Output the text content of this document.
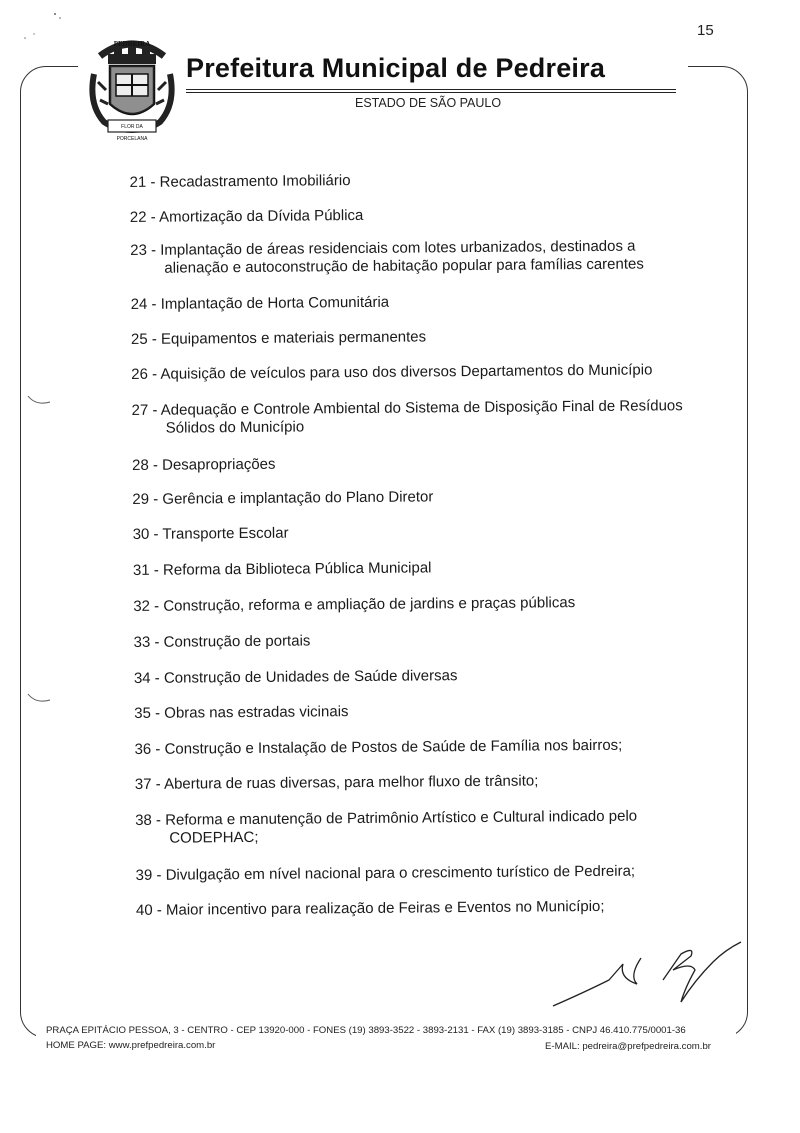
15
FLOR DA
PORCELANA
PEDREIRA
Prefeitura Municipal de Pedreira
ESTADO DE SÃO PAULO
21 - Recadastramento Imobiliário
22 - Amortização da Dívida Pública
23 - Implantação de áreas residenciais com lotes urbanizados, destinados a
alienação e autoconstrução de habitação popular para famílias carentes
24 - Implantação de Horta Comunitária
25 - Equipamentos e materiais permanentes
26 - Aquisição de veículos para uso dos diversos Departamentos do Município
27 - Adequação e Controle Ambiental do Sistema de Disposição Final de Resíduos
Sólidos do Município
28 - Desapropriações
29 - Gerência e implantação do Plano Diretor
30 - Transporte Escolar
31 - Reforma da Biblioteca Pública Municipal
32 - Construção, reforma e ampliação de jardins e praças públicas
33 - Construção de portais
34 - Construção de Unidades de Saúde diversas
35 - Obras nas estradas vicinais
36 - Construção e Instalação de Postos de Saúde de Família nos bairros;
37 - Abertura de ruas diversas, para melhor fluxo de trânsito;
38 - Reforma e manutenção de Patrimônio Artístico e Cultural indicado pelo
CODEPHAC;
39 - Divulgação em nível nacional para o crescimento turístico de Pedreira;
40 - Maior incentivo para realização de Feiras e Eventos no Município;
PRAÇA EPITÁCIO PESSOA, 3 - CENTRO - CEP 13920-000 - FONES (19) 3893-3522 - 3893-2131 - FAX (19) 3893-3185 - CNPJ 46.410.775/0001-36
HOME PAGE: www.prefpedreira.com.br	E-MAIL: pedreira@prefpedreira.com.br
